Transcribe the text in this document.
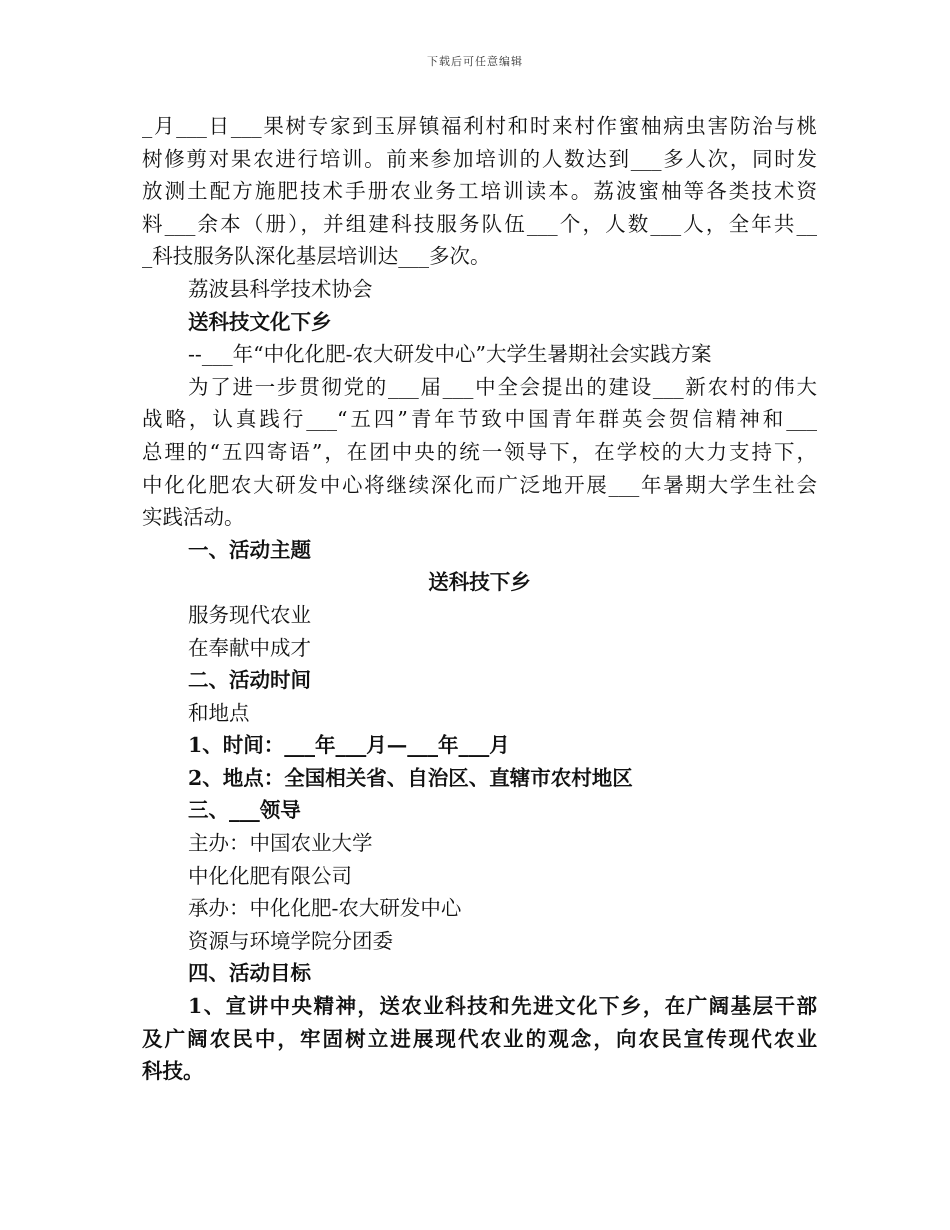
下载后可任意编辑
_月___日___果树专家到玉屏镇福利村和时来村作蜜柚病虫害防治与桃
树修剪对果农进行培训。前来参加培训的人数达到___多人次，同时发
放测土配方施肥技术手册农业务工培训读本。荔波蜜柚等各类技术资
料___余本（册），并组建科技服务队伍___个，人数___人，全年共__
_科技服务队深化基层培训达___多次。
荔波县科学技术协会
送科技文化下乡
--___年“中化化肥-农大研发中心”大学生暑期社会实践方案
为了进一步贯彻党的___届___中全会提出的建设___新农村的伟大
战略，认真践行___“五四”青年节致中国青年群英会贺信精神和___
总理的“五四寄语”，在团中央的统一领导下，在学校的大力支持下，
中化化肥农大研发中心将继续深化而广泛地开展___年暑期大学生社会
实践活动。
一、活动主题
送科技下乡
服务现代农业
在奉献中成才
二、活动时间
和地点
1、时间：___年___月—___年___月
2、地点：全国相关省、自治区、直辖市农村地区
三、___领导
主办：中国农业大学
中化化肥有限公司
承办：中化化肥-农大研发中心
资源与环境学院分团委
四、活动目标
1、宣讲中央精神，送农业科技和先进文化下乡，在广阔基层干部
及广阔农民中，牢固树立进展现代农业的观念，向农民宣传现代农业
科技。
